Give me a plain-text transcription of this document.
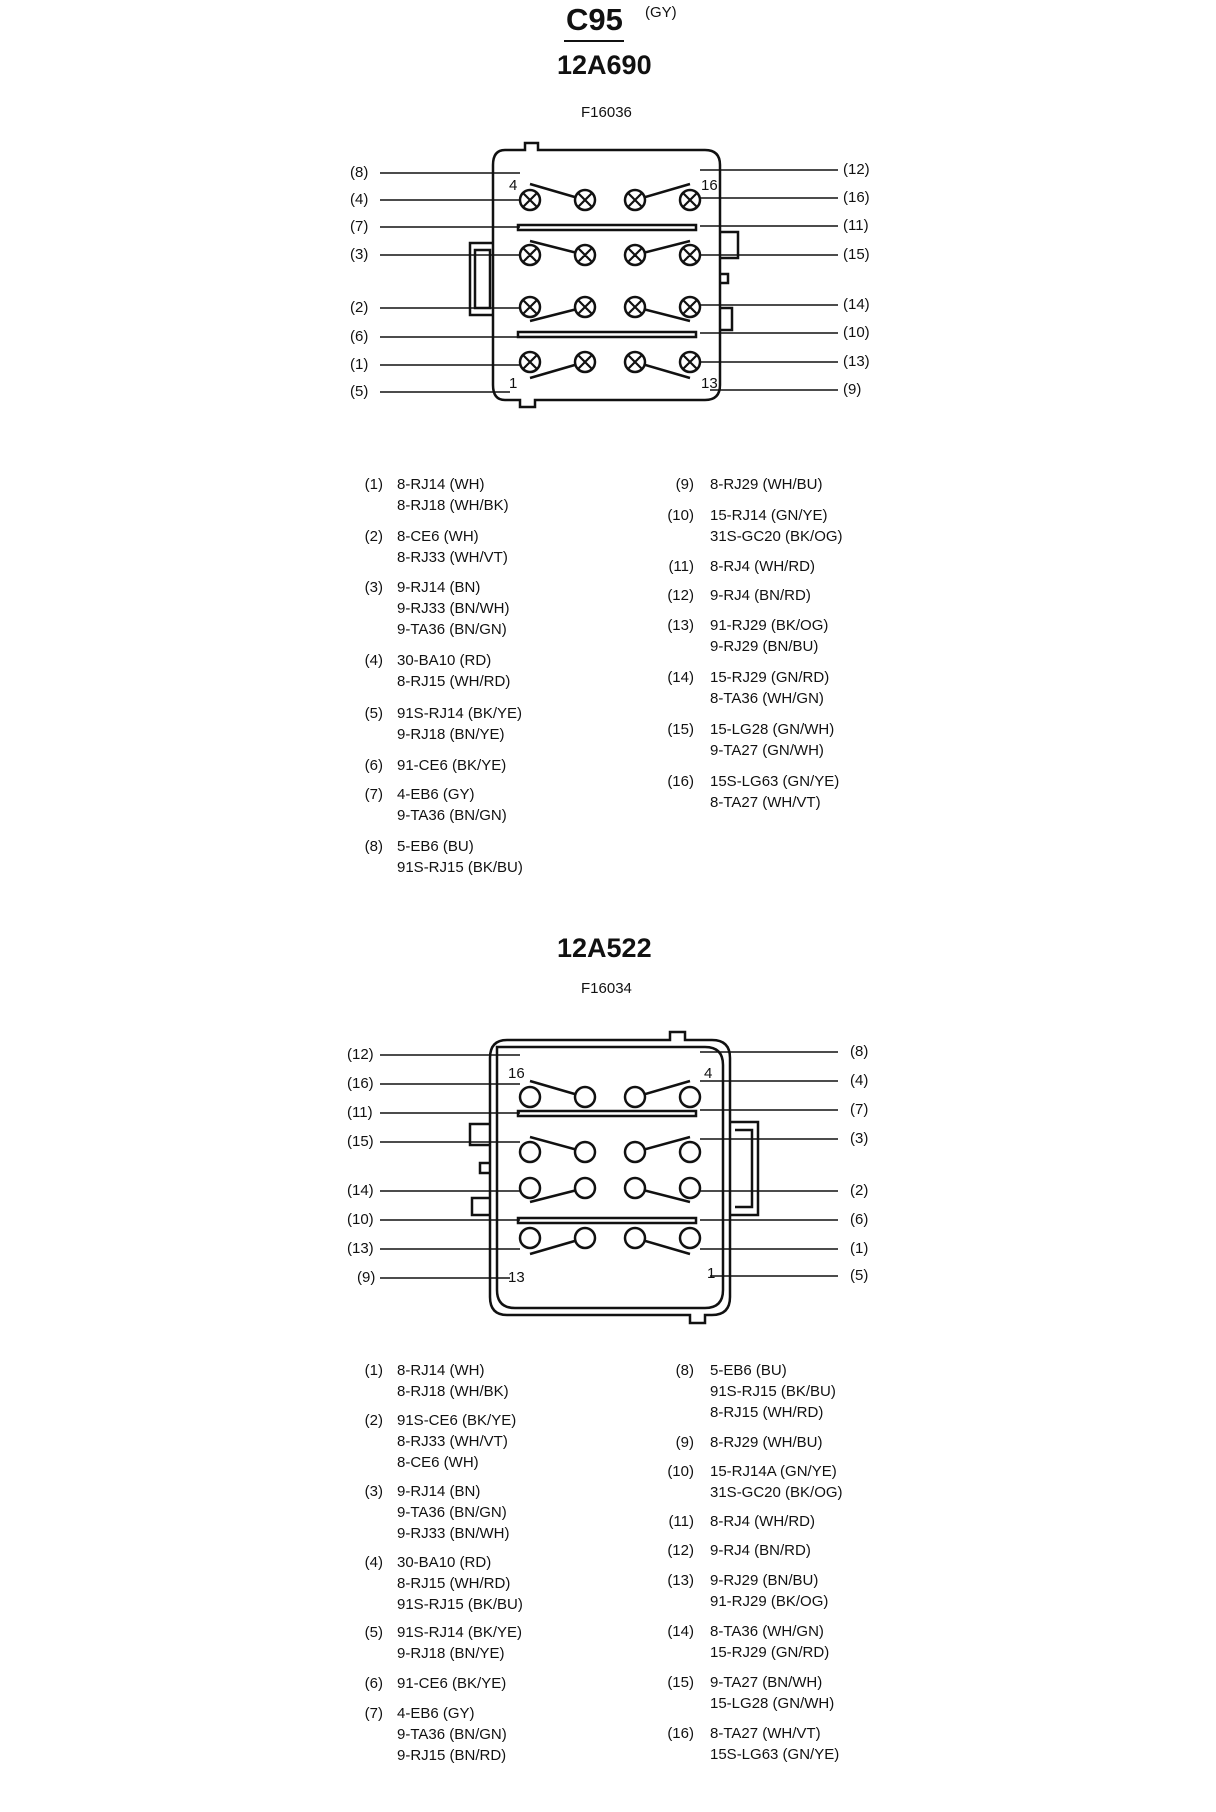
C95 (GY)
12A690
F16036
4	16
1	13
(8)
(4)
(7)
(3)
(2)
(6)
(1)
(5)
(12)
(16)
(11)
(15)
(14)
(10)
(13)
(9)
(1) 8-RJ14 (WH)
8-RJ18 (WH/BK)
(2) 8-CE6 (WH)
8-RJ33 (WH/VT)
(3) 9-RJ14 (BN)
9-RJ33 (BN/WH)
9-TA36 (BN/GN)
(4) 30-BA10 (RD)
8-RJ15 (WH/RD)
(5) 91S-RJ14 (BK/YE)
9-RJ18 (BN/YE)
(6) 91-CE6 (BK/YE)
(7) 4-EB6 (GY)
9-TA36 (BN/GN)
(8) 5-EB6 (BU)
91S-RJ15 (BK/BU)
(9) 8-RJ29 (WH/BU)
(10) 15-RJ14 (GN/YE)
31S-GC20 (BK/OG)
(11) 8-RJ4 (WH/RD)
(12) 9-RJ4 (BN/RD)
(13) 91-RJ29 (BK/OG)
9-RJ29 (BN/BU)
(14) 15-RJ29 (GN/RD)
8-TA36 (WH/GN)
(15) 15-LG28 (GN/WH)
9-TA27 (GN/WH)
(16) 15S-LG63 (GN/YE)
8-TA27 (WH/VT)
12A522
F16034
16	4
13	1
(12)
(16)
(11)
(15)
(14)
(10)
(13)
(9)
(8)
(4)
(7)
(3)
(2)
(6)
(1)
(5)
(1) 8-RJ14 (WH)
8-RJ18 (WH/BK)
(2) 91S-CE6 (BK/YE)
8-RJ33 (WH/VT)
8-CE6 (WH)
(3) 9-RJ14 (BN)
9-TA36 (BN/GN)
9-RJ33 (BN/WH)
(4) 30-BA10 (RD)
8-RJ15 (WH/RD)
91S-RJ15 (BK/BU)
(5) 91S-RJ14 (BK/YE)
9-RJ18 (BN/YE)
(6) 91-CE6 (BK/YE)
(7) 4-EB6 (GY)
9-TA36 (BN/GN)
9-RJ15 (BN/RD)
(8) 5-EB6 (BU)
91S-RJ15 (BK/BU)
8-RJ15 (WH/RD)
(9) 8-RJ29 (WH/BU)
(10) 15-RJ14A (GN/YE)
31S-GC20 (BK/OG)
(11) 8-RJ4 (WH/RD)
(12) 9-RJ4 (BN/RD)
(13) 9-RJ29 (BN/BU)
91-RJ29 (BK/OG)
(14) 8-TA36 (WH/GN)
15-RJ29 (GN/RD)
(15) 9-TA27 (BN/WH)
15-LG28 (GN/WH)
(16) 8-TA27 (WH/VT)
15S-LG63 (GN/YE)
